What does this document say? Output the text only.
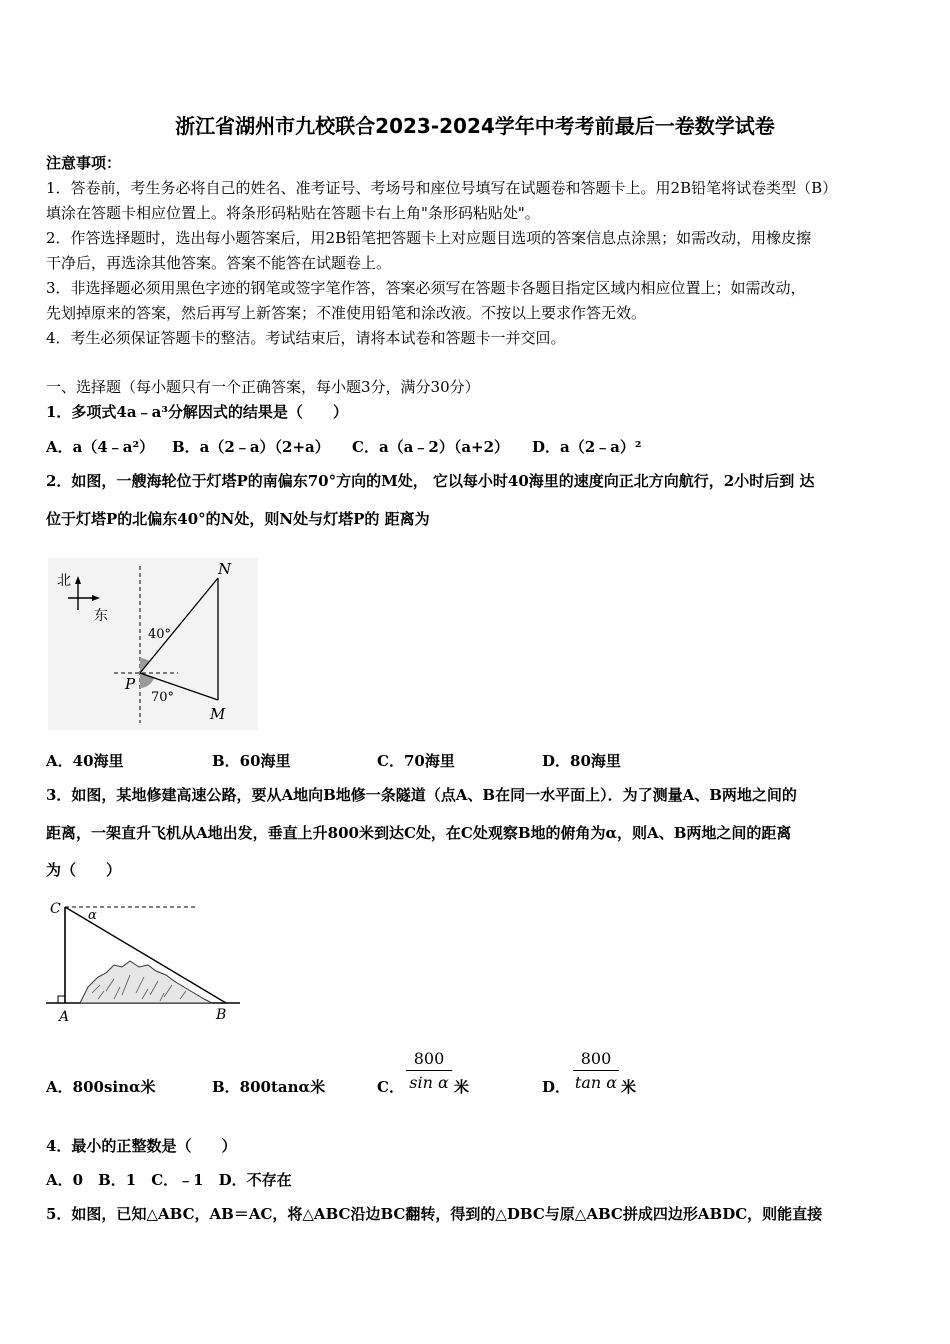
浙江省湖州市九校联合2023-2024学年中考考前最后一卷数学试卷
注意事项：
1．答卷前，考生务必将自己的姓名、准考证号、考场号和座位号填写在试题卷和答题卡上。用2B铅笔将试卷类型（B）
填涂在答题卡相应位置上。将条形码粘贴在答题卡右上角"条形码粘贴处"。
2．作答选择题时，选出每小题答案后，用2B铅笔把答题卡上对应题目选项的答案信息点涂黑；如需改动，用橡皮擦
干净后，再选涂其他答案。答案不能答在试题卷上。
3．非选择题必须用黑色字迹的钢笔或签字笔作答，答案必须写在答题卡各题目指定区域内相应位置上；如需改动，
先划掉原来的答案，然后再写上新答案；不准使用铅笔和涂改液。不按以上要求作答无效。
4．考生必须保证答题卡的整洁。考试结束后，请将本试卷和答题卡一并交回。
一、选择题（每小题只有一个正确答案，每小题3分，满分30分）
1．多项式4a﹣a³分解因式的结果是（　　）
A．a（4﹣a²） B．a（2﹣a）（2+a） C．a（a﹣2）（a+2） D．a（2﹣a）²
2．如图，一艘海轮位于灯塔P的南偏东70°方向的M处， 它以每小时40海里的速度向正北方向航行，2小时后到 达
位于灯塔P的北偏东40°的N处，则N处与灯塔P的 距离为
北
东
N
P
M
40°
70°
A．40海里	B．60海里	C．70海里	D．80海里
3．如图，某地修建高速公路，要从A地向B地修一条隧道（点A、B在同一水平面上）．为了测量A、B两地之间的
距离，一架直升飞机从A地出发，垂直上升800米到达C处，在C处观察B地的俯角为α，则A、B两地之间的距离
为（　　）
C
A	B
α
A．800sinα米	B．800tanα米	C． $\frac{800}{\text{sin α}}$ 米	D． $\frac{800}{\text{tan α}}$ 米
4．最小的正整数是（　　）
A．0　B．1　C．﹣1　D．不存在
5．如图，已知△ABC，AB＝AC，将△ABC沿边BC翻转，得到的△DBC与原△ABC拼成四边形ABDC，则能直接
